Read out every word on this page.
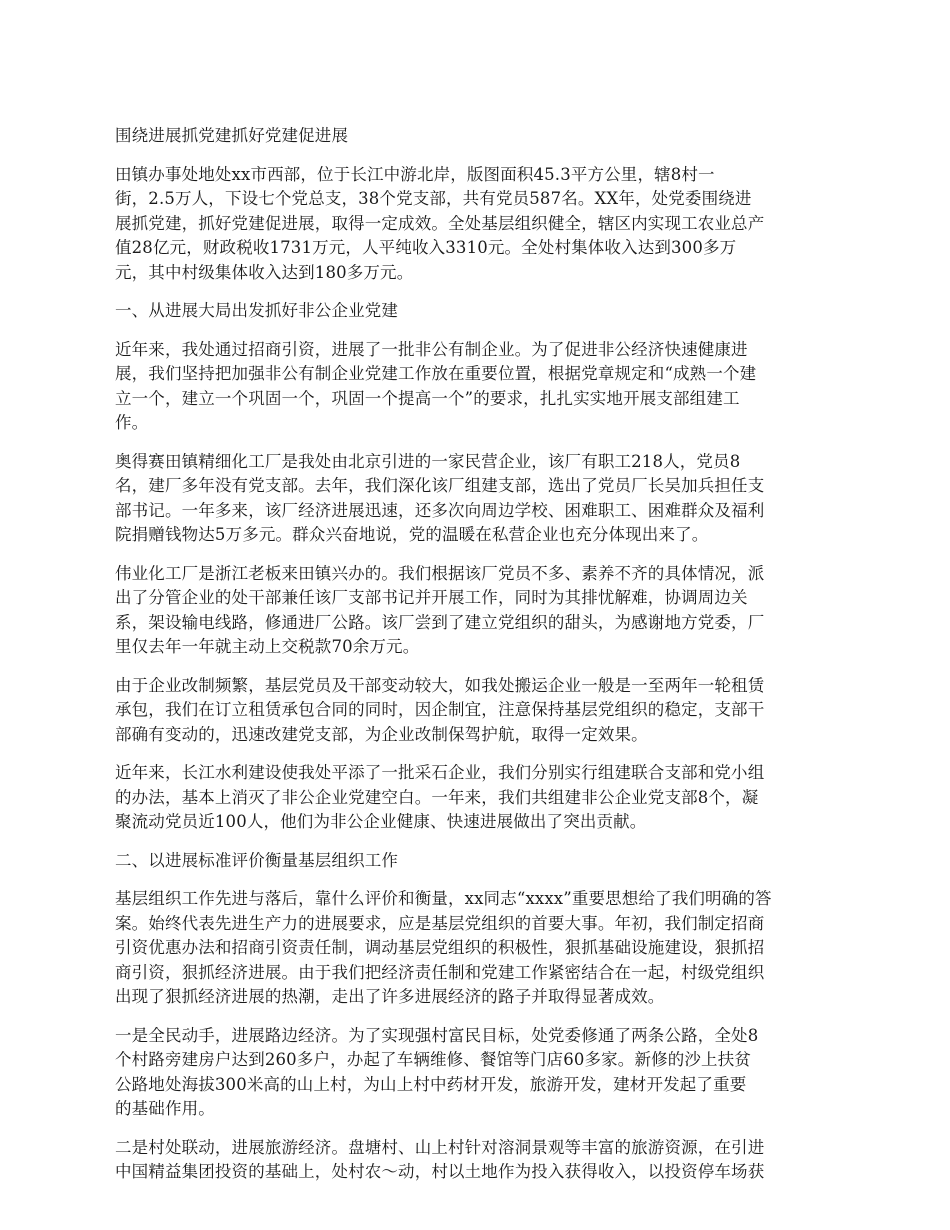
围绕进展抓党建抓好党建促进展
田镇办事处地处xx市西部，位于长江中游北岸，版图面积45.3平方公里，辖8村一
街，2.5万人，下设七个党总支，38个党支部，共有党员587名。XX年，处党委围绕进
展抓党建，抓好党建促进展，取得一定成效。全处基层组织健全，辖区内实现工农业总产
值28亿元，财政税收1731万元，人平纯收入3310元。全处村集体收入达到300多万
元，其中村级集体收入达到180多万元。
一、从进展大局出发抓好非公企业党建
近年来，我处通过招商引资，进展了一批非公有制企业。为了促进非公经济快速健康进
展，我们坚持把加强非公有制企业党建工作放在重要位置，根据党章规定和“成熟一个建
立一个，建立一个巩固一个，巩固一个提高一个”的要求，扎扎实实地开展支部组建工
作。
奥得赛田镇精细化工厂是我处由北京引进的一家民营企业，该厂有职工218人，党员8
名，建厂多年没有党支部。去年，我们深化该厂组建支部，选出了党员厂长吴加兵担任支
部书记。一年多来，该厂经济进展迅速，还多次向周边学校、困难职工、困难群众及福利
院捐赠钱物达5万多元。群众兴奋地说，党的温暖在私营企业也充分体现出来了。
伟业化工厂是浙江老板来田镇兴办的。我们根据该厂党员不多、素养不齐的具体情况，派
出了分管企业的处干部兼任该厂支部书记并开展工作，同时为其排忧解难，协调周边关
系，架设输电线路，修通进厂公路。该厂尝到了建立党组织的甜头，为感谢地方党委，厂
里仅去年一年就主动上交税款70余万元。
由于企业改制频繁，基层党员及干部变动较大，如我处搬运企业一般是一至两年一轮租赁
承包，我们在订立租赁承包合同的同时，因企制宜，注意保持基层党组织的稳定，支部干
部确有变动的，迅速改建党支部，为企业改制保驾护航，取得一定效果。
近年来，长江水利建设使我处平添了一批采石企业，我们分别实行组建联合支部和党小组
的办法，基本上消灭了非公企业党建空白。一年来，我们共组建非公企业党支部8个，凝
聚流动党员近100人，他们为非公企业健康、快速进展做出了突出贡献。
二、以进展标准评价衡量基层组织工作
基层组织工作先进与落后，靠什么评价和衡量，xx同志“xxxx”重要思想给了我们明确的答
案。始终代表先进生产力的进展要求，应是基层党组织的首要大事。年初，我们制定招商
引资优惠办法和招商引资责任制，调动基层党组织的积极性，狠抓基础设施建设，狠抓招
商引资，狠抓经济进展。由于我们把经济责任制和党建工作紧密结合在一起，村级党组织
出现了狠抓经济进展的热潮，走出了许多进展经济的路子并取得显著成效。
一是全民动手，进展路边经济。为了实现强村富民目标，处党委修通了两条公路，全处8
个村路旁建房户达到260多户，办起了车辆维修、餐馆等门店60多家。新修的沙上扶贫
公路地处海拔300米高的山上村，为山上村中药材开发，旅游开发，建材开发起了重要
的基础作用。
二是村处联动，进展旅游经济。盘塘村、山上村针对溶洞景观等丰富的旅游资源，在引进
中国精益集团投资的基础上，处村农～动，村以土地作为投入获得收入，以投资停车场获
